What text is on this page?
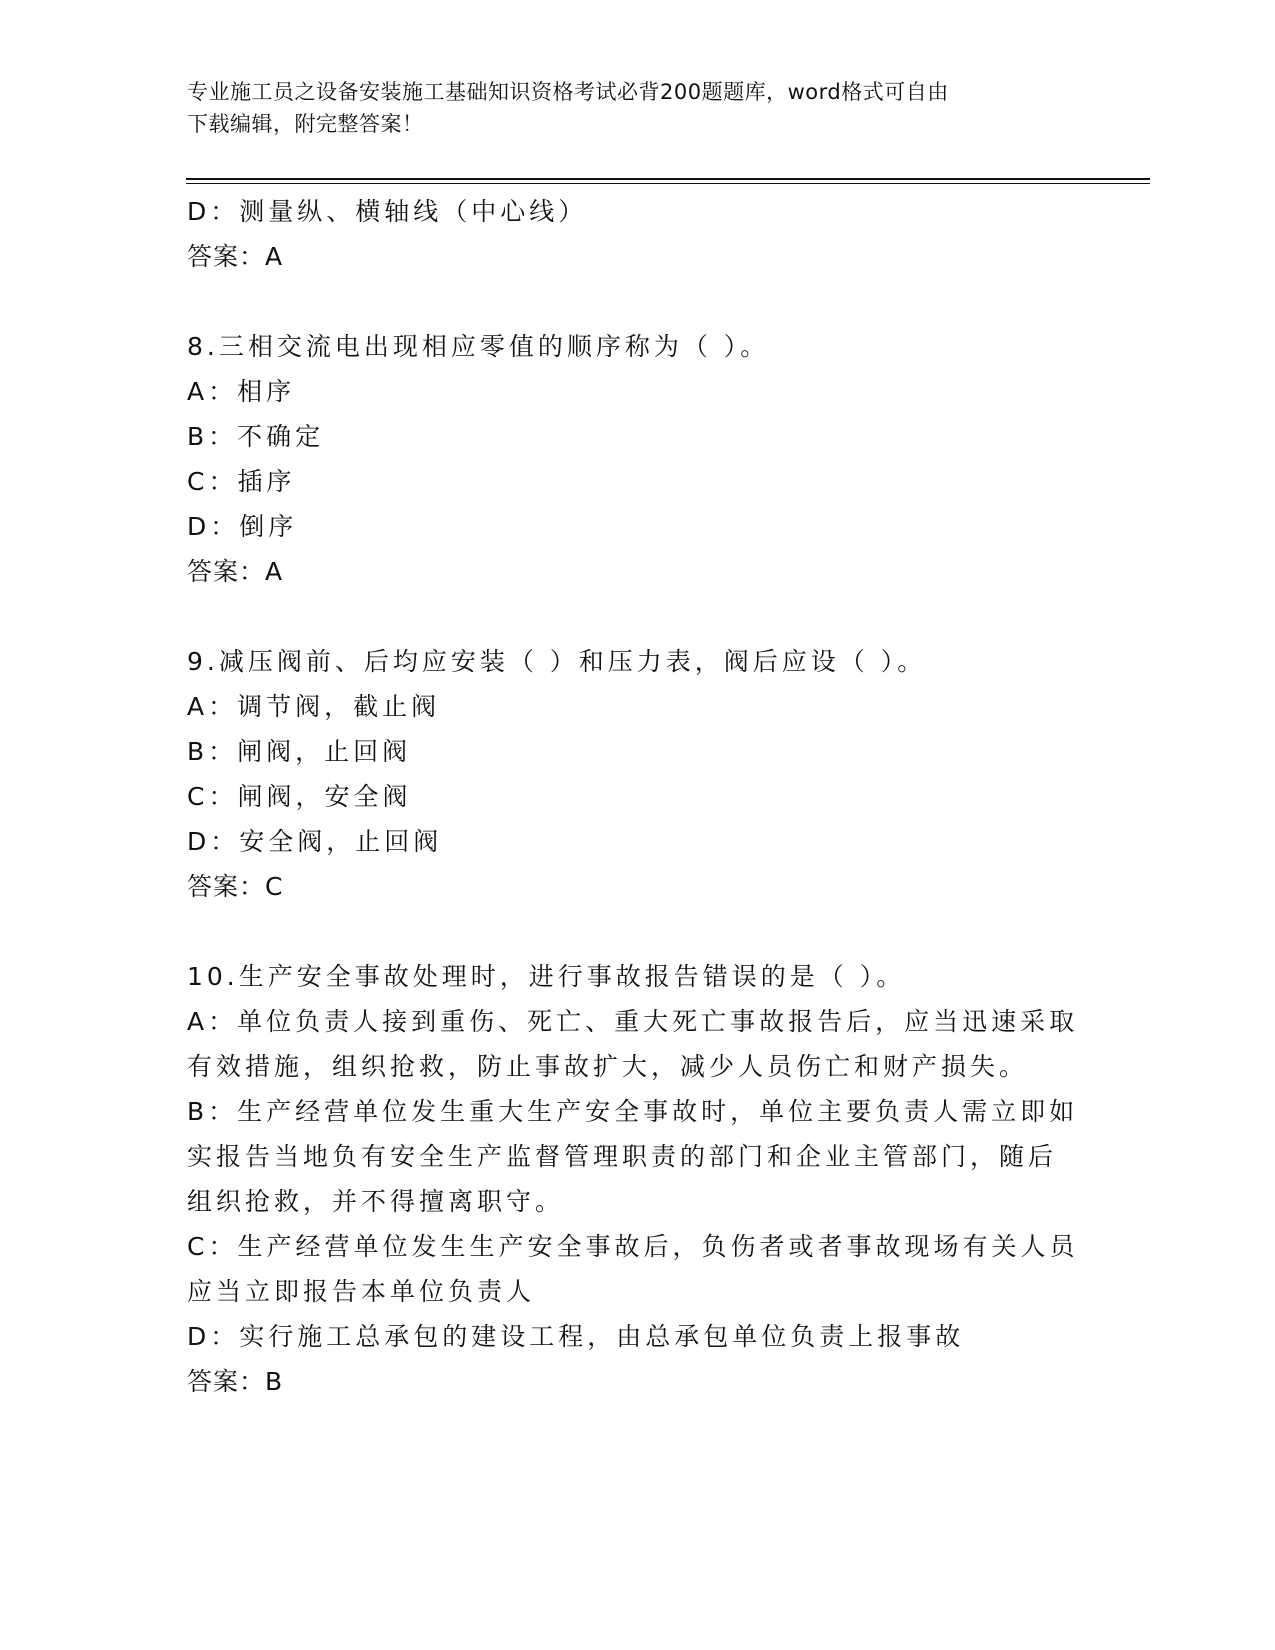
专业施工员之设备安装施工基础知识资格考试必背200题题库，word格式可自由
下载编辑，附完整答案！

D：测量纵、横轴线（中心线）

答案：A

8.三相交流电出现相应零值的顺序称为（ ）。

A：相序

B：不确定

C：插序

D：倒序

答案：A

9.减压阀前、后均应安装（ ）和压力表，阀后应设（ ）。

A：调节阀，截止阀

B：闸阀，止回阀

C：闸阀，安全阀

D：安全阀，止回阀

答案：C

10.生产安全事故处理时，进行事故报告错误的是（ ）。

A：单位负责人接到重伤、死亡、重大死亡事故报告后，应当迅速采取

有效措施，组织抢救，防止事故扩大，减少人员伤亡和财产损失。

B：生产经营单位发生重大生产安全事故时，单位主要负责人需立即如

实报告当地负有安全生产监督管理职责的部门和企业主管部门，随后

组织抢救，并不得擅离职守。

C：生产经营单位发生生产安全事故后，负伤者或者事故现场有关人员

应当立即报告本单位负责人

D：实行施工总承包的建设工程，由总承包单位负责上报事故

答案：B
